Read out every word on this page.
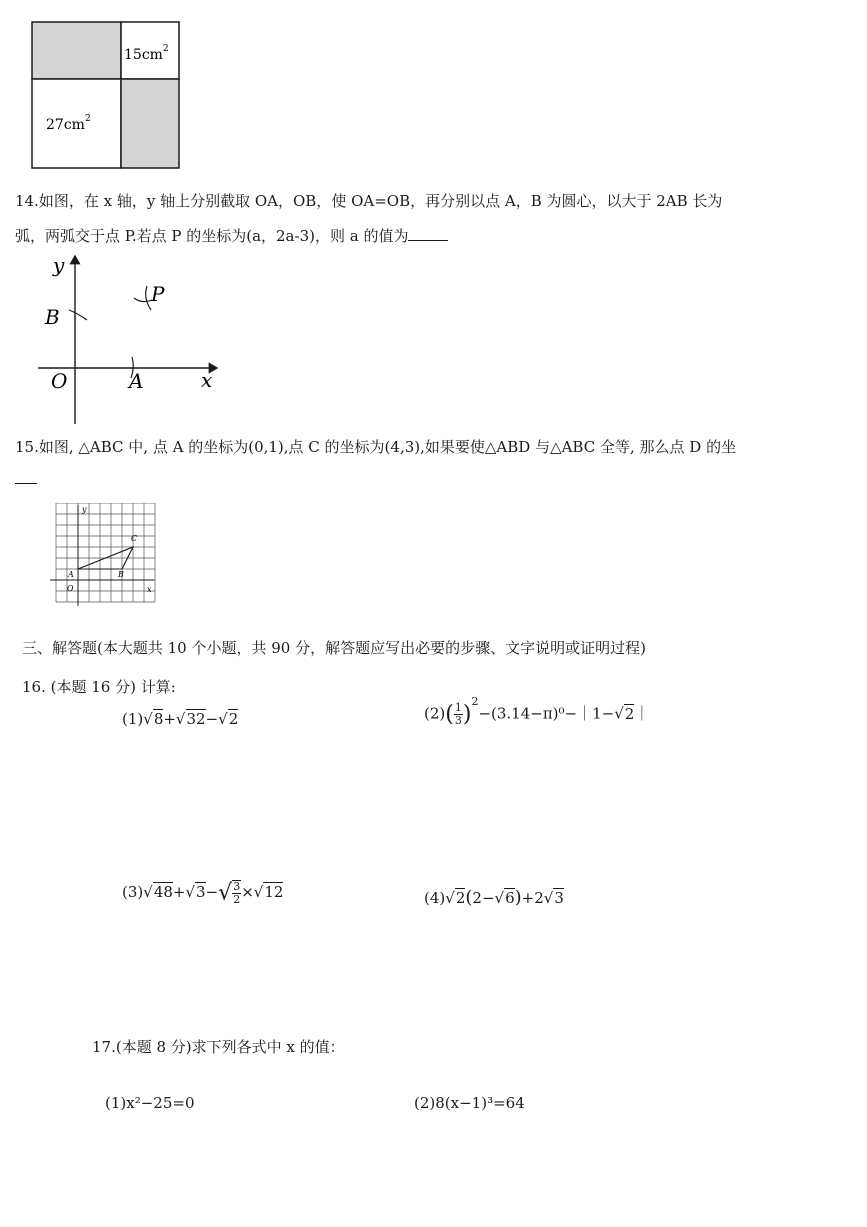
$15cm^2$
$27cm^2$
14.如图，在 x 轴，y 轴上分别截取 OA，OB，使 OA=OB，再分别以点 A，B 为圆心，以大于 2AB 长为
弧，两弧交于点 P.若点 P 的坐标为(a，2a-3)，则 a 的值为
y
x
B
O	A
P
15.如图, △ABC 中, 点 A 的坐标为(0,1),点 C 的坐标为(4,3),如果要使△ABD 与△ABC 全等, 那么点 D 的坐
y
x
A	B
C
O
三、解答题(本大题共 10 个小题，共 90 分，解答题应写出必要的步骤、文字说明或证明过程)
16. (本题 16 分) 计算:
(1)√8+√32−√2	$(2)( \frac{1}{3}$ )$^2-(3.14-\pi)^0-|1-√2|$
$(3)√48+√3-√ \frac{3}{2} \times√12$	(4)√2(2−√6)+2√3
17.(本题 8 分)求下列各式中 x 的值：
(1)x²−25=0	(2)8(x−1)³=64
